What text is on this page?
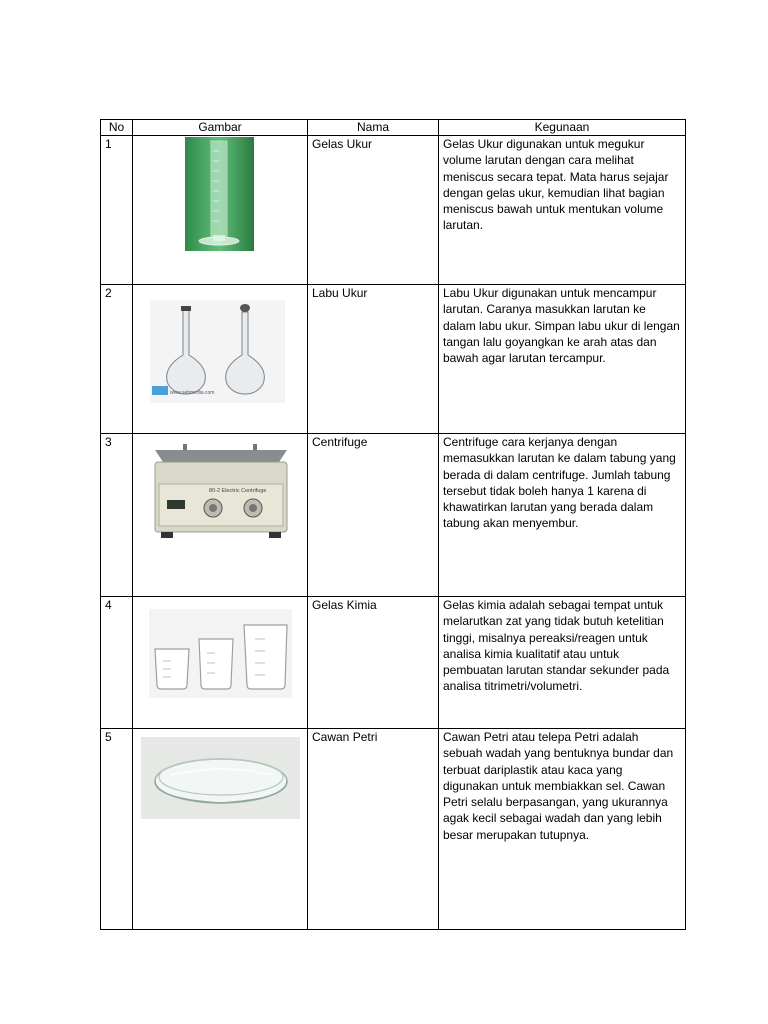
No	Gambar	Nama	Kegunaan
1		Gelas Ukur	Gelas Ukur digunakan untuk megukur volume larutan dengan cara melihat meniscus secara tepat. Mata harus sejajar dengan gelas ukur, kemudian lihat bagian meniscus bawah untuk mentukan volume larutan.
2	www.sebmedia.com	Labu Ukur	Labu Ukur digunakan untuk mencampur larutan. Caranya masukkan larutan ke dalam labu ukur. Simpan labu ukur di lengan tangan lalu goyangkan ke arah atas dan bawah agar larutan tercampur.
3	80-2 Electric Centrifuge	Centrifuge	Centrifuge cara kerjanya dengan memasukkan larutan ke dalam tabung yang berada di dalam centrifuge. Jumlah tabung tersebut tidak boleh hanya 1 karena di khawatirkan larutan yang berada dalam tabung akan menyembur.
4		Gelas Kimia	Gelas kimia adalah sebagai tempat untuk melarutkan zat yang tidak butuh ketelitian tinggi, misalnya pereaksi/reagen untuk analisa kimia kualitatif atau untuk pembuatan larutan standar sekunder pada analisa titrimetri/volumetri.
5		Cawan Petri	Cawan Petri atau telepa Petri adalah sebuah wadah yang bentuknya bundar dan terbuat dariplastik atau kaca yang digunakan untuk membiakkan sel. Cawan Petri selalu berpasangan, yang ukurannya agak kecil sebagai wadah dan yang lebih besar merupakan tutupnya.
